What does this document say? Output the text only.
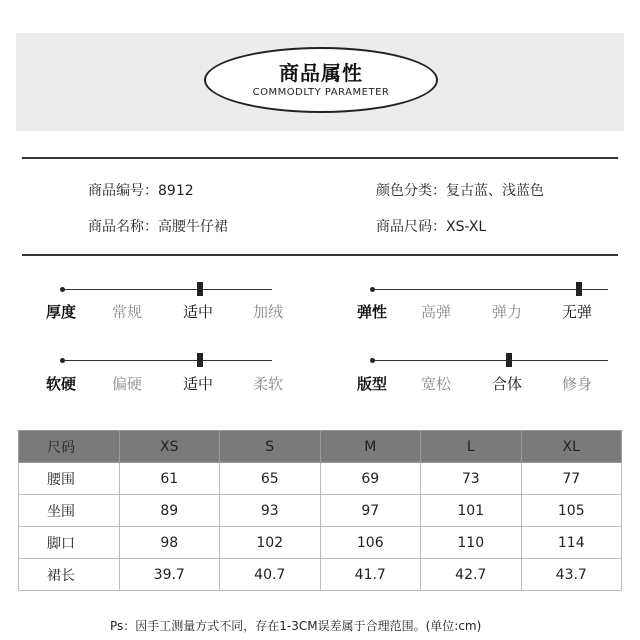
商品属性
COMMODLTY PARAMETER
商品编号：8912	颜色分类：复古蓝、浅蓝色
商品名称：高腰牛仔裙	商品尺码：XS-XL
厚度 常规	适中	加绒	弹性 高弹	弹力	无弹
软硬 偏硬	适中	柔软	版型 宽松	合体	修身
尺码	XS	S	M	L	XL
腰围	61	65	69	73	77
坐围	89	93	97	101	105
脚口	98	102	106	110	114
裙长	39.7	40.7	41.7	42.7	43.7
Ps：因手工测量方式不同，存在1-3CM误差属于合理范围。(单位:cm)
